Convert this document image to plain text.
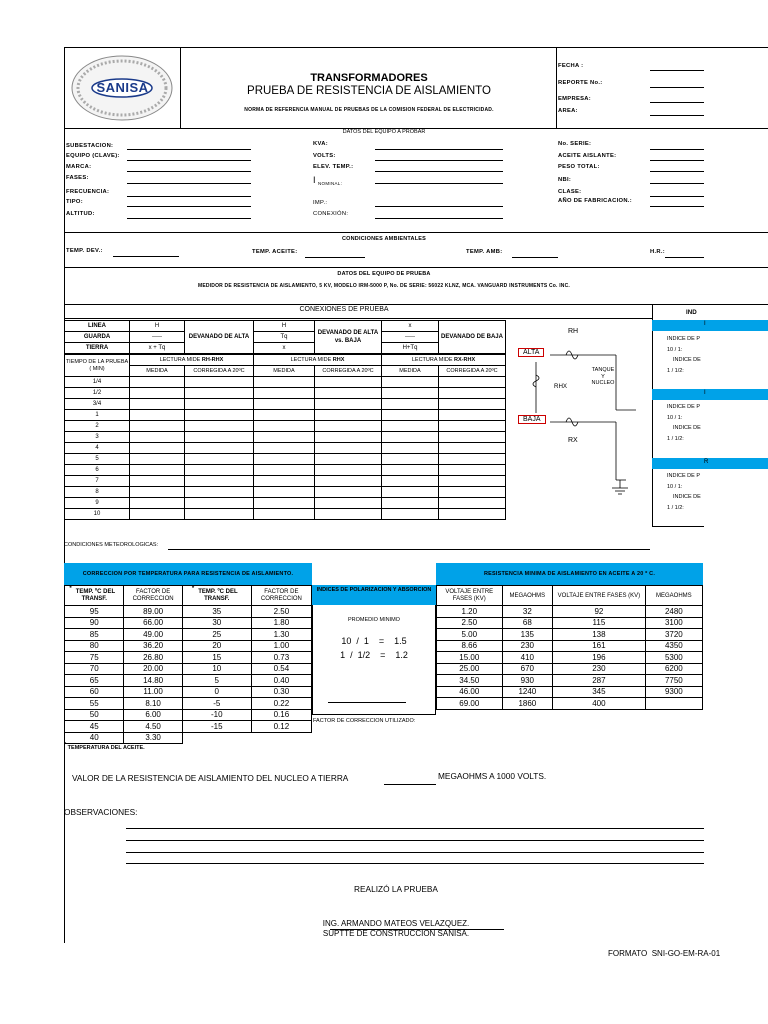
SANISA
TRANSFORMADORES
PRUEBA DE RESISTENCIA DE AISLAMIENTO
NORMA DE REFERENCIA MANUAL DE PRUEBAS DE LA COMISION FEDERAL DE ELECTRICIDAD.
FECHA :
REPORTE No.:
EMPRESA:
AREA:
DATOS DEL EQUIPO A PROBAR
SUBESTACION:
EQUIPO (CLAVE):
MARCA:
FASES:
FRECUENCIA:
TIPO:
ALTITUD:
KVA:
VOLTS:
ELEV. TEMP.:
I NOMINAL:
IMP.:
CONEXIÓN:
No. SERIE:
ACEITE AISLANTE:
PESO TOTAL:
NBI:
CLASE:
AÑO DE FABRICACION.:
CONDICIONES AMBIENTALES
TEMP. DEV.:	TEMP. ACEITE:	TEMP. AMB:	H.R.:
DATOS DEL EQUIPO DE PRUEBA
MEDIDOR DE RESISTENCIA DE AISLAMIENTO, 5 KV, MODELO IRM-5000 P, No. DE SERIE: 56022 KLNZ, MCA. VANGUARD INSTRUMENTS Co. INC.
CONEXIONES DE PRUEBA
LINEA	H	DEVANADO DE ALTA	H	DEVANADO DE ALTA vs. BAJA	x	DEVANADO DE BAJA
GUARDA	-----		Tq		-----	
TIERRA	x + Tq		x		H+Tq	
TIEMPO DE LA PRUEBA ( MIN)	LECTURA MIDE RH-RHX		LECTURA MIDE RHX		LECTURA MIDE RX-RHX	
	MEDIDA	CORREGIDA A 20ºC	MEDIDA	CORREGIDA A 20ºC	MEDIDA	CORREGIDA A 20ºC
1/4						
1/2						
3/4						
1						
2						
3						
4						
5						
6						
7						
8						
9						
10						
RH
ALTA
RHX
TANQUE
Y
NUCLEO
BAJA
RX
IND
I
INDICE DE P
10 / 1:
INDICE DE
1 / 1/2:
I
INDICE DE P
10 / 1:
INDICE DE
1 / 1/2:
R
INDICE DE P
10 / 1:
INDICE DE
1 / 1/2:
CONDICIONES METEOROLOGICAS:
CORRECCION POR TEMPERATURA PARA RESISTENCIA DE AISLAMIENTO.
* TEMP. ºC DEL TRANSF.	FACTOR DE CORRECCION	* TEMP. ºC DEL TRANSF.	FACTOR DE CORRECCION
95	89.00	35	2.50
90	66.00	30	1.80
85	49.00	25	1.30
80	36.20	20	1.00
75	26.80	15	0.73
70	20.00	10	0.54
65	14.80	5	0.40
60	11.00	0	0.30
55	8.10	-5	0.22
50	6.00	-10	0.16
45	4.50	-15	0.12
40	3.30		
* TEMPERATURA DEL ACEITE.
INDICES DE POLARIZACION Y ABSORCION
PROMEDIO MINIMO
10  /  1    =    1.5
1  /  1/2    =    1.2
FACTOR DE CORRECCION UTILIZADO:
RESISTENCIA MINIMA DE AISLAMIENTO EN ACEITE A 20 º C.
VOLTAJE ENTRE FASES (KV)	MEGAOHMS	VOLTAJE ENTRE FASES (KV)	MEGAOHMS
1.20	32	92	2480
2.50	68	115	3100
5.00	135	138	3720
8.66	230	161	4350
15.00	410	196	5300
25.00	670	230	6200
34.50	930	287	7750
46.00	1240	345	9300
69.00	1860	400	
VALOR DE LA RESISTENCIA DE AISLAMIENTO DEL NUCLEO A TIERRA	MEGAOHMS A 1000 VOLTS.
OBSERVACIONES:
REALIZÓ LA PRUEBA
ING. ARMANDO MATEOS VELAZQUEZ.
SUPTTE DE CONSTRUCCION SANISA.
FORMATO  SNI-GO-EM-RA-01
